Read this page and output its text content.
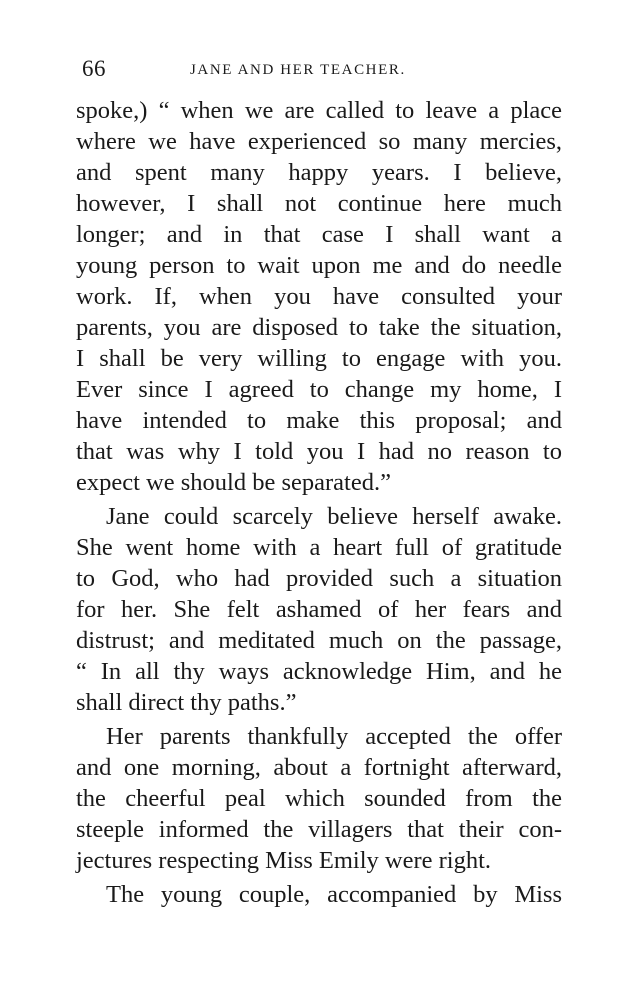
66	JANE AND HER TEACHER.
spoke,) “ when we are called to leave a place
where we have experienced so many mercies,
and spent many happy years. I believe,
however, I shall not continue here much
longer; and in that case I shall want a
young person to wait upon me and do needle
work. If, when you have consulted your
parents, you are disposed to take the situation,
I shall be very willing to engage with you.
Ever since I agreed to change my home, I
have intended to make this proposal; and
that was why I told you I had no reason to
expect we should be separated.”
Jane could scarcely believe herself awake.
She went home with a heart full of gratitude
to God, who had provided such a situation
for her. She felt ashamed of her fears and
distrust; and meditated much on the passage,
“ In all thy ways acknowledge Him, and he
shall direct thy paths.”
Her parents thankfully accepted the offer
and one morning, about a fortnight afterward,
the cheerful peal which sounded from the
steeple informed the villagers that their con-
jectures respecting Miss Emily were right.
The young couple, accompanied by Miss
